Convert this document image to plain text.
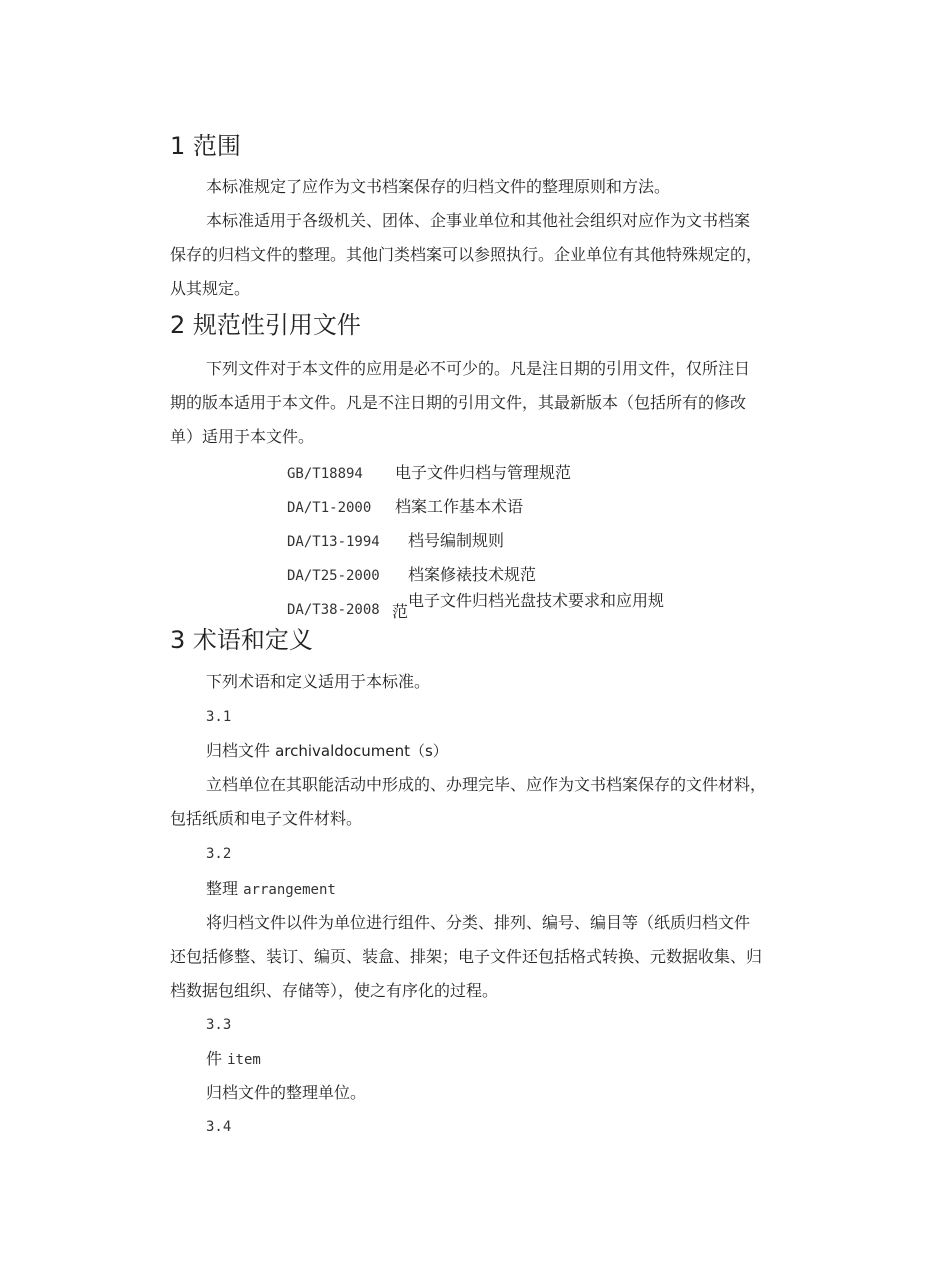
1 范围
本标准规定了应作为文书档案保存的归档文件的整理原则和方法。
本标准适用于各级机关、团体、企事业单位和其他社会组织对应作为文书档案
保存的归档文件的整理。其他门类档案可以参照执行。企业单位有其他特殊规定的，
从其规定。
2 规范性引用文件
下列文件对于本文件的应用是必不可少的。凡是注日期的引用文件，仅所注日
期的版本适用于本文件。凡是不注日期的引用文件，其最新版本（包括所有的修改
单）适用于本文件。
GB/T18894 电子文件归档与管理规范
DA/T1-2000 档案工作基本术语
DA/T13-1994 档号编制规则
DA/T25-2000 档案修裱技术规范
DA/T38-2008 电子文件归档光盘技术要求和应用规
范
3 术语和定义
下列术语和定义适用于本标准。
3.1
归档文件 archivaldocument（s）
立档单位在其职能活动中形成的、办理完毕、应作为文书档案保存的文件材料，
包括纸质和电子文件材料。
3.2
整理 arrangement
将归档文件以件为单位进行组件、分类、排列、编号、编目等（纸质归档文件
还包括修整、装订、编页、装盒、排架；电子文件还包括格式转换、元数据收集、归
档数据包组织、存储等），使之有序化的过程。
3.3
件 item
归档文件的整理单位。
3.4
